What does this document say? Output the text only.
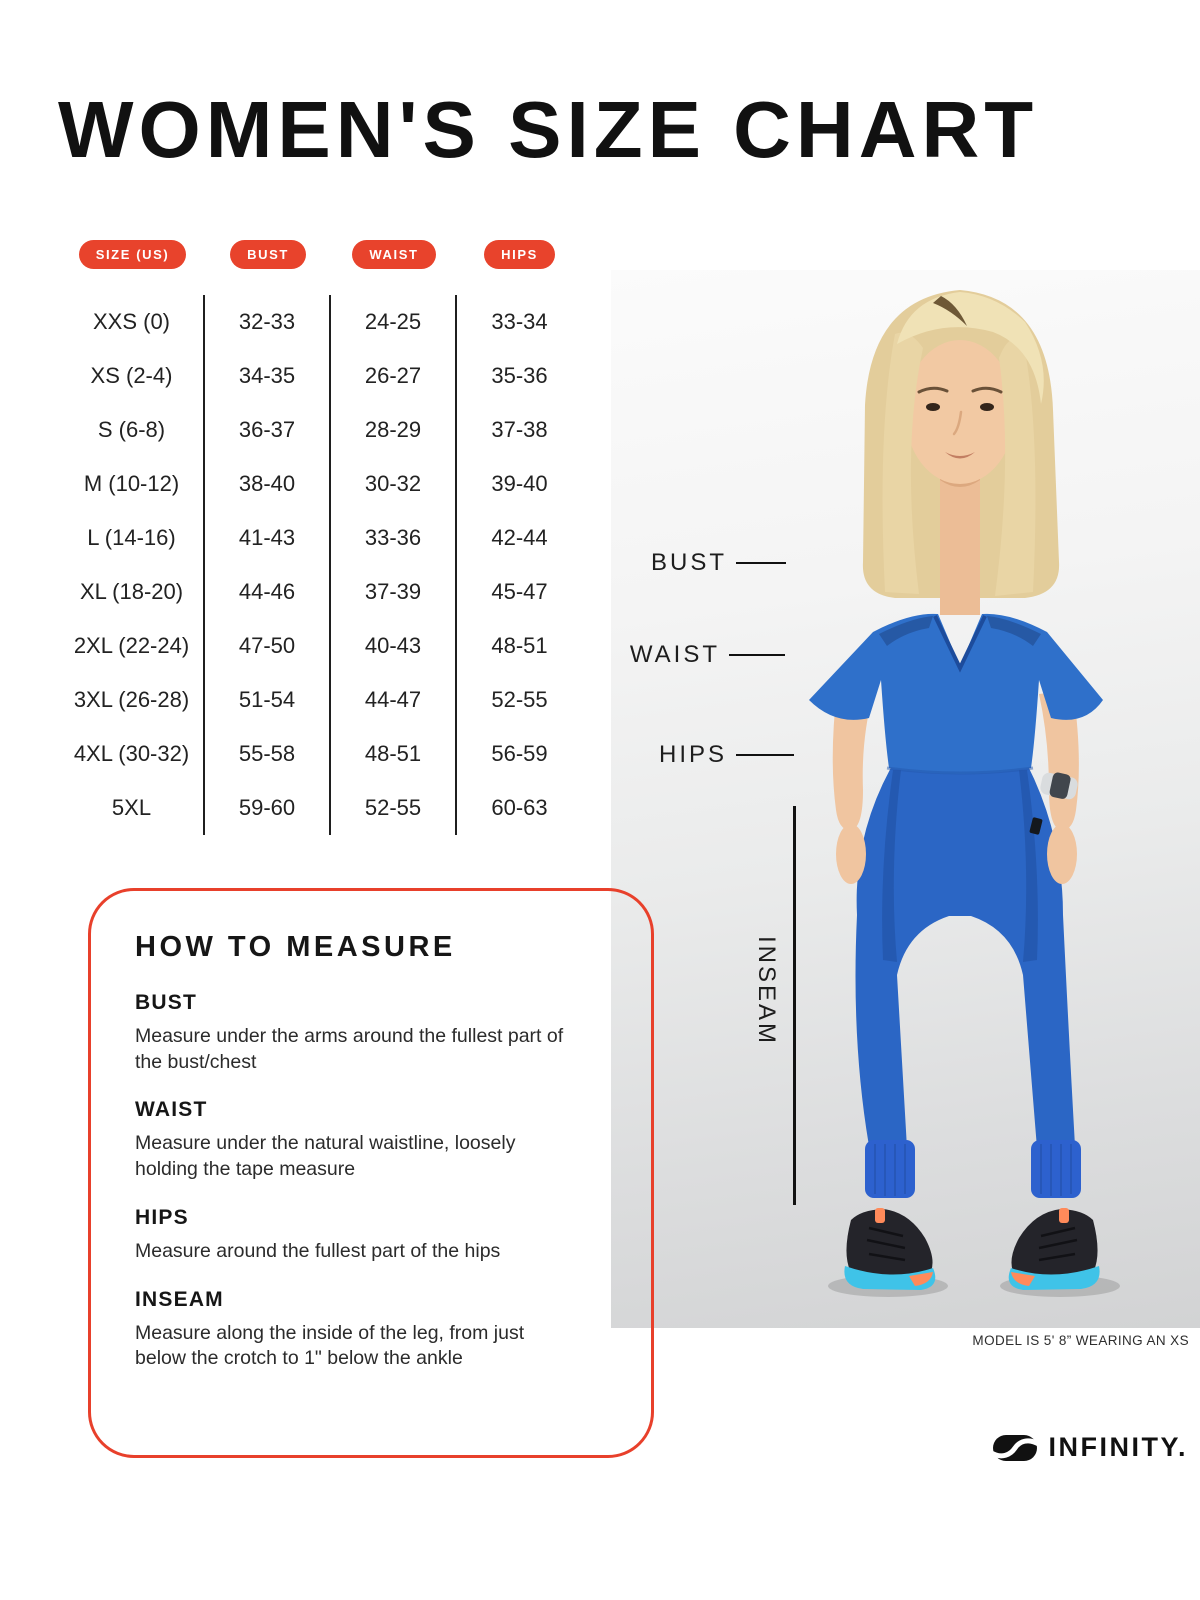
WOMEN'S SIZE CHART
SIZE (US)	BUST	WAIST	HIPS
XXS (0)	32-33	24-25	33-34
XS (2-4)	34-35	26-27	35-36
S (6-8)	36-37	28-29	37-38
M (10-12)	38-40	30-32	39-40
L (14-16)	41-43	33-36	42-44
XL (18-20)	44-46	37-39	45-47
2XL (22-24)	47-50	40-43	48-51
3XL (26-28)	51-54	44-47	52-55
4XL (30-32)	55-58	48-51	56-59
5XL	59-60	52-55	60-63
BUST
WAIST
HIPS
INSEAM
MODEL IS 5' 8” WEARING AN XS
HOW TO MEASURE
BUST
Measure under the arms around the fullest part of the bust/chest
WAIST
Measure under the natural waistline, loosely holding the tape measure
HIPS
Measure around the fullest part of the hips
INSEAM
Measure along the inside of the leg, from just below the crotch to 1" below the ankle
INFINITY.
